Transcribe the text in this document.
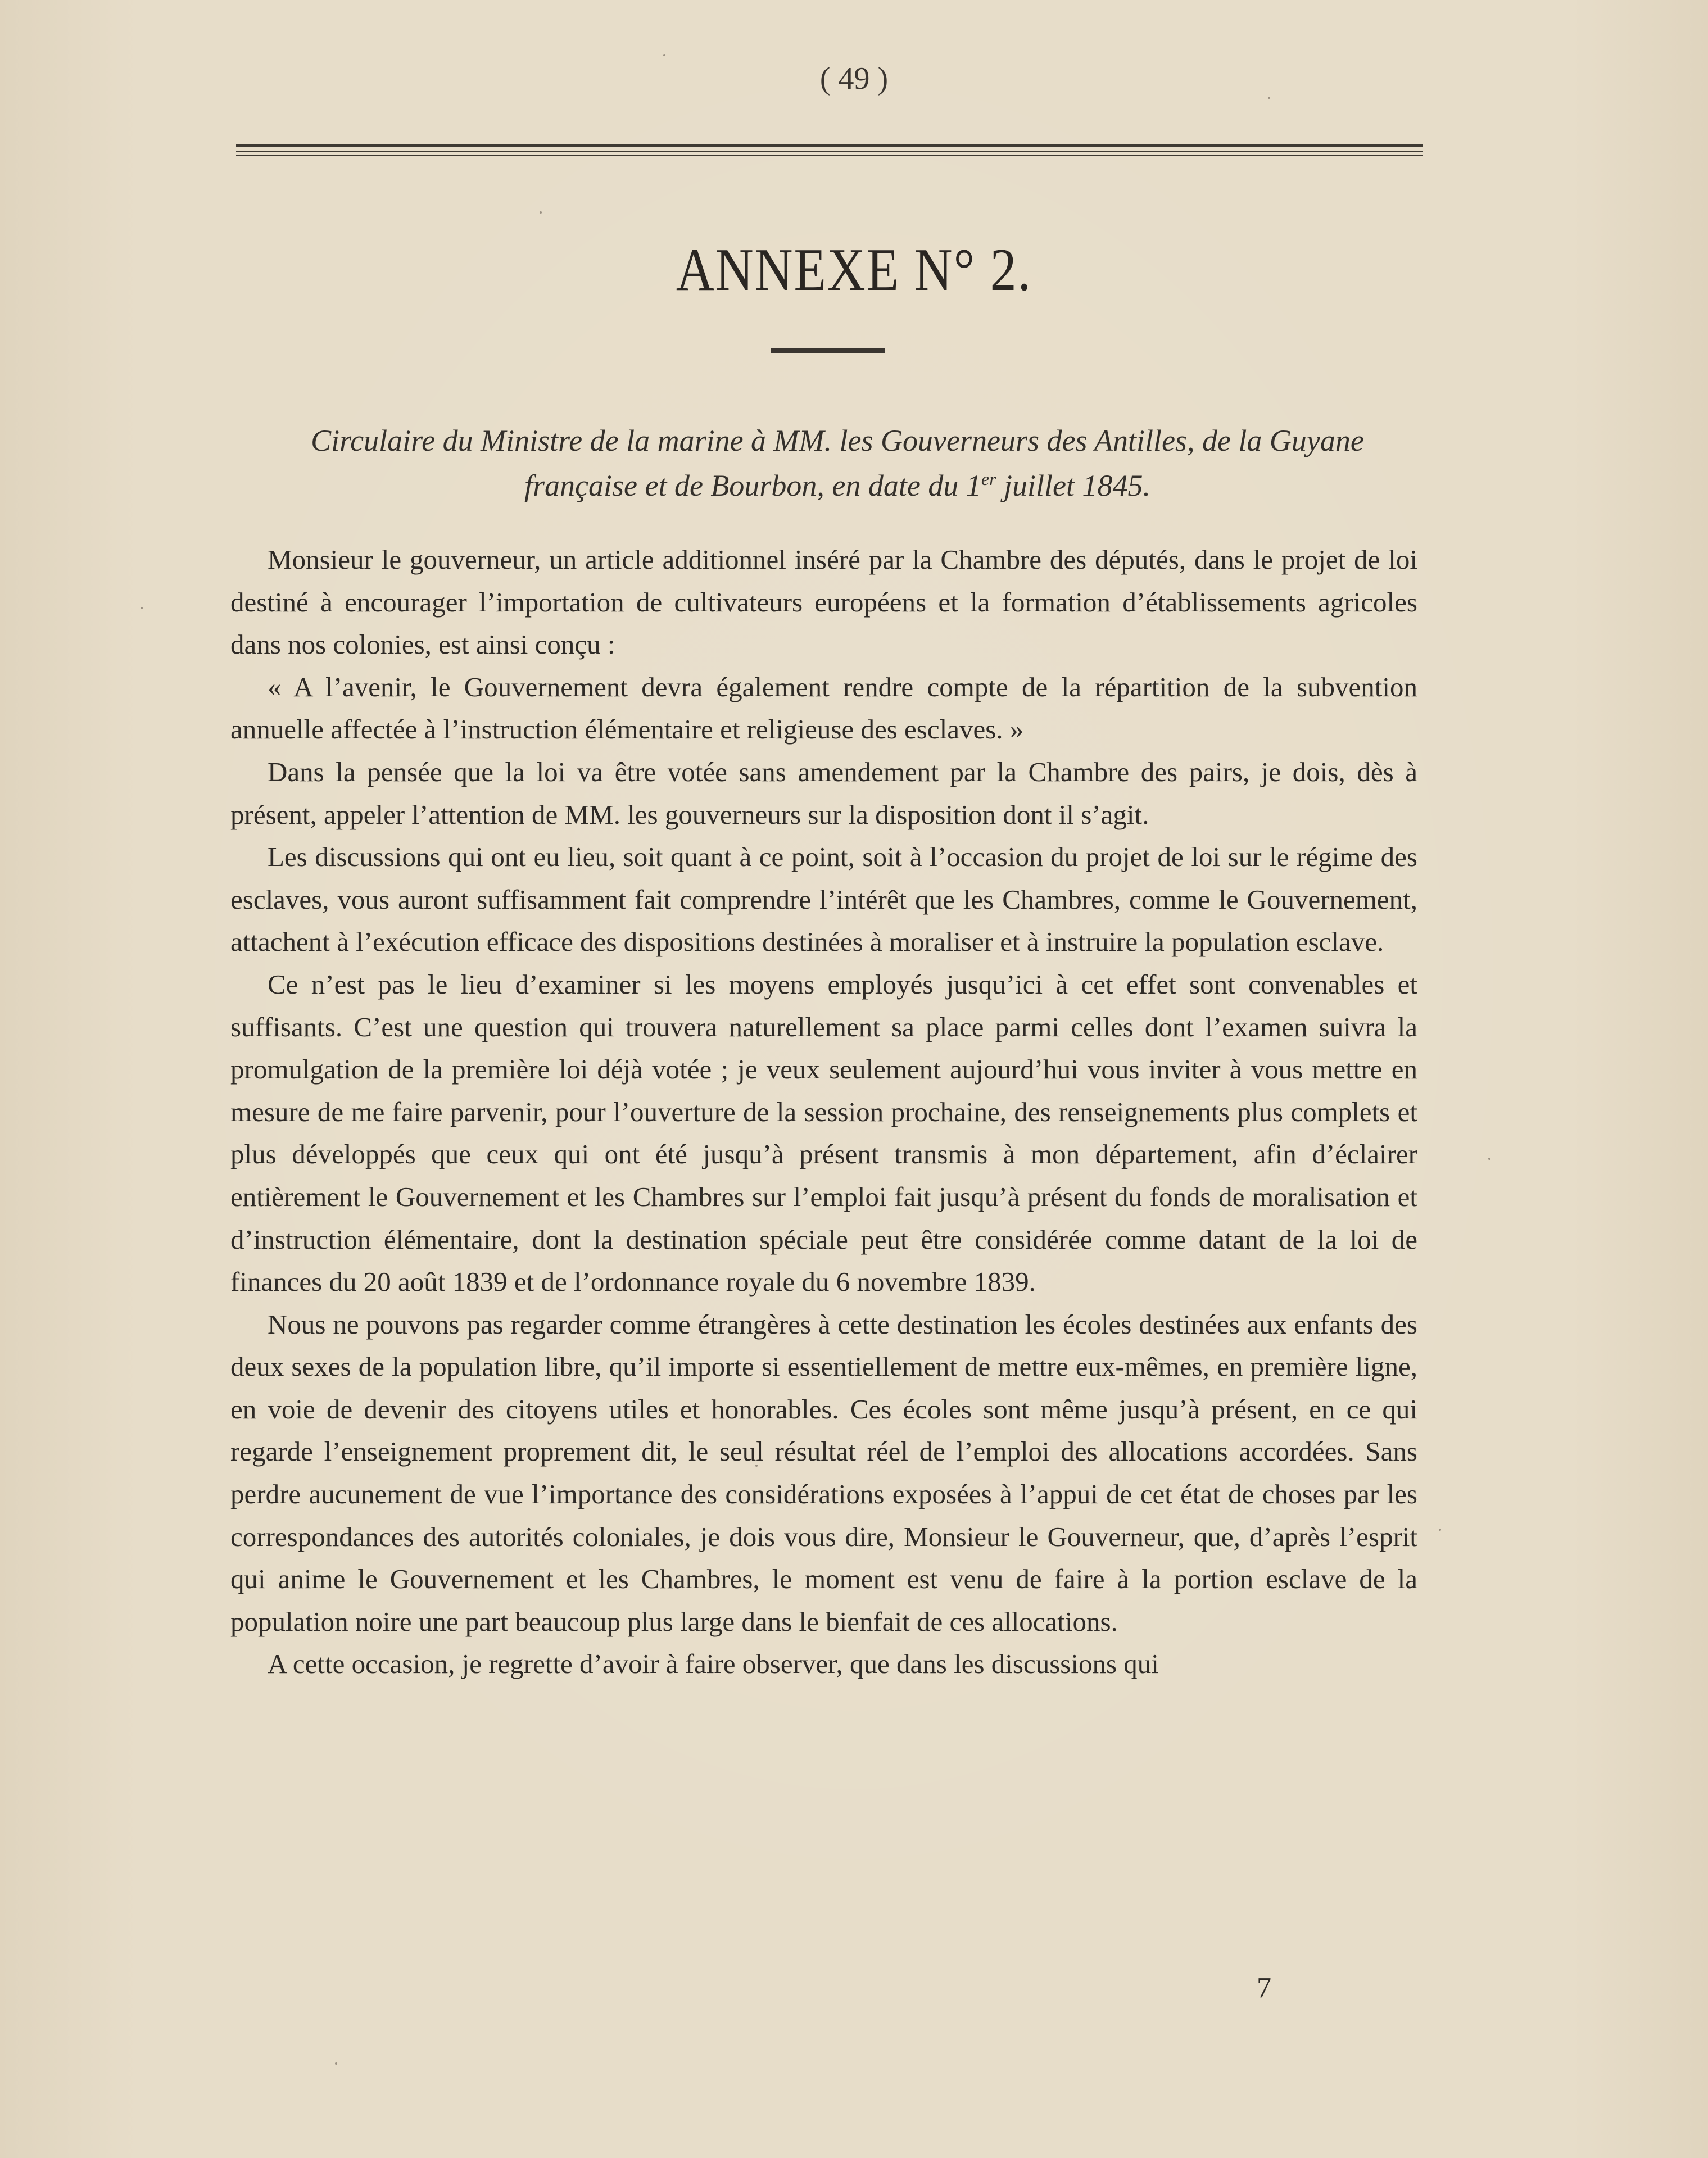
( 49 )
ANNEXE N° 2.
Circulaire du Ministre de la marine à MM. les Gouverneurs des Antilles, de la Guyane
française et de Bourbon, en date du 1er juillet 1845.

Monsieur le gouverneur, un article additionnel inséré par la Chambre des députés, dans le projet de loi destiné à encourager l’importation de cultivateurs européens et la formation d’établissements agricoles dans nos colonies, est ainsi conçu :

« A l’avenir, le Gouvernement devra également rendre compte de la répartition de la subvention annuelle affectée à l’instruction élémentaire et religieuse des esclaves. »

Dans la pensée que la loi va être votée sans amendement par la Chambre des pairs, je dois, dès à présent, appeler l’attention de MM. les gouverneurs sur la disposition dont il s’agit.

Les discussions qui ont eu lieu, soit quant à ce point, soit à l’occasion du projet de loi sur le régime des esclaves, vous auront suffisamment fait comprendre l’intérêt que les Chambres, comme le Gouvernement, attachent à l’exécution efficace des dispositions destinées à moraliser et à instruire la population esclave.

Ce n’est pas le lieu d’examiner si les moyens employés jusqu’ici à cet effet sont convenables et suffisants. C’est une question qui trouvera naturellement sa place parmi celles dont l’examen suivra la promulgation de la première loi déjà votée ; je veux seulement aujourd’hui vous inviter à vous mettre en mesure de me faire parvenir, pour l’ouverture de la session prochaine, des renseignements plus complets et plus développés que ceux qui ont été jusqu’à présent transmis à mon département, afin d’éclairer entièrement le Gouvernement et les Chambres sur l’emploi fait jusqu’à présent du fonds de moralisation et d’instruction élémentaire, dont la destination spéciale peut être considérée comme datant de la loi de finances du 20 août 1839 et de l’ordonnance royale du 6 novembre 1839.

Nous ne pouvons pas regarder comme étrangères à cette destination les écoles destinées aux enfants des deux sexes de la population libre, qu’il importe si essentiellement de mettre eux-mêmes, en première ligne, en voie de devenir des citoyens utiles et honorables. Ces écoles sont même jusqu’à présent, en ce qui regarde l’enseignement proprement dit, le seul résultat réel de l’emploi des allocations accordées. Sans perdre aucunement de vue l’importance des considérations exposées à l’appui de cet état de choses par les correspondances des autorités coloniales, je dois vous dire, Monsieur le Gouverneur, que, d’après l’esprit qui anime le Gouvernement et les Chambres, le moment est venu de faire à la portion esclave de la population noire une part beaucoup plus large dans le bienfait de ces allocations.

A cette occasion, je regrette d’avoir à faire observer, que dans les discussions qui

7
